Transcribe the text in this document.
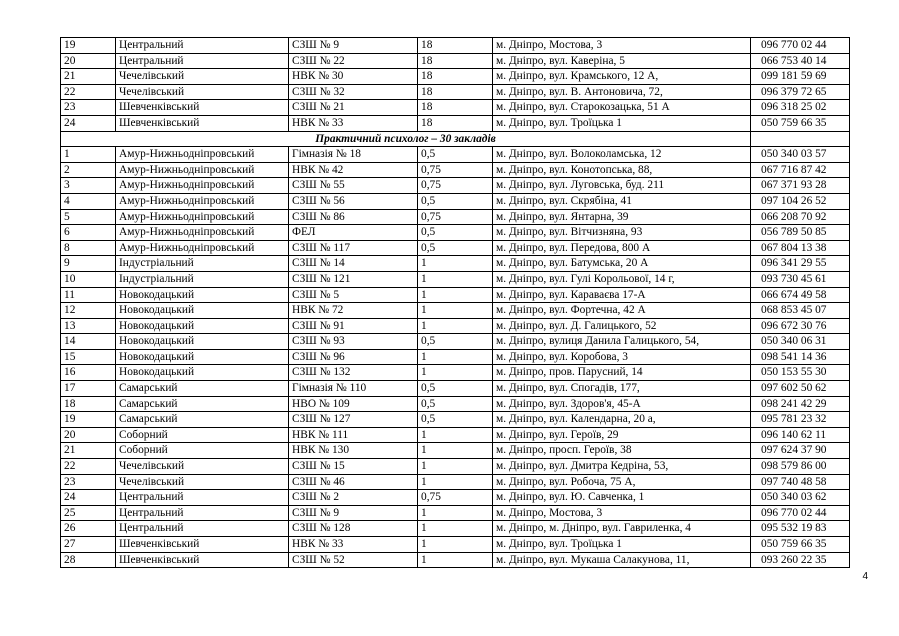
19	Центральний	СЗШ № 9	18	м. Дніпро, Мостова, 3	096 770 02 44
20	Центральний	СЗШ № 22	18	м. Дніпро, вул. Каверіна, 5	066 753 40 14
21	Чечелівський	НВК № 30	18	м. Дніпро, вул. Крамського, 12 А,	099 181 59 69
22	Чечелівський	СЗШ № 32	18	м. Дніпро, вул. В. Антоновича, 72,	096 379 72 65
23	Шевченківський	СЗШ № 21	18	м. Дніпро, вул. Старокозацька, 51 А	096 318 25 02
24	Шевченківський	НВК № 33	18	м. Дніпро, вул. Троїцька 1	050 759 66 35
Практичний психолог – 30 закладів					
1	Амур-Нижньодніпровський	Гімназія № 18	0,5	м. Дніпро, вул. Волоколамська, 12	050 340 03 57
2	Амур-Нижньодніпровський	НВК № 42	0,75	м. Дніпро, вул. Конотопська, 88,	067 716 87 42
3	Амур-Нижньодніпровський	СЗШ № 55	0,75	м. Дніпро, вул. Луговська, буд. 211	067 371 93 28
4	Амур-Нижньодніпровський	СЗШ № 56	0,5	м. Дніпро, вул. Скрябіна, 41	097 104 26 52
5	Амур-Нижньодніпровський	СЗШ № 86	0,75	м. Дніпро, вул. Янтарна, 39	066 208 70 92
6	Амур-Нижньодніпровський	ФЕЛ	0,5	м. Дніпро, вул. Вітчизняна, 93	056 789 50 85
8	Амур-Нижньодніпровський	СЗШ № 117	0,5	м. Дніпро, вул. Передова, 800 А	067 804 13 38
9	Індустріальний	СЗШ № 14	1	м. Дніпро, вул. Батумська, 20 А	096 341 29 55
10	Індустріальний	СЗШ № 121	1	м. Дніпро, вул. Гулі Корольової, 14 г,	093 730 45 61
11	Новокодацький	СЗШ № 5	1	м. Дніпро, вул. Караваєва 17-А	066 674 49 58
12	Новокодацький	НВК № 72	1	м. Дніпро, вул. Фортечна, 42 А	068 853 45 07
13	Новокодацький	СЗШ № 91	1	м. Дніпро, вул. Д. Галицького, 52	096 672 30 76
14	Новокодацький	СЗШ № 93	0,5	м. Дніпро, вулиця Данила Галицького, 54,	050 340 06 31
15	Новокодацький	СЗШ № 96	1	м. Дніпро, вул. Коробова, 3	098 541 14 36
16	Новокодацький	СЗШ № 132	1	м. Дніпро, пров. Парусний, 14	050 153 55 30
17	Самарський	Гімназія № 110	0,5	м. Дніпро, вул. Спогадів, 177,	097 602 50 62
18	Самарський	НВО № 109	0,5	м. Дніпро, вул. Здоров'я, 45-А	098 241 42 29
19	Самарський	СЗШ № 127	0,5	м. Дніпро, вул. Календарна, 20 а,	095 781 23 32
20	Соборний	НВК № 111	1	м. Дніпро, вул. Героїв, 29	096 140 62 11
21	Соборний	НВК № 130	1	м. Дніпро, просп. Героїв, 38	097 624 37 90
22	Чечелівський	СЗШ № 15	1	м. Дніпро, вул. Дмитра Кедріна, 53,	098 579 86 00
23	Чечелівський	СЗШ № 46	1	м. Дніпро, вул. Робоча, 75 А,	097 740 48 58
24	Центральний	СЗШ № 2	0,75	м. Дніпро, вул. Ю. Савченка, 1	050 340 03 62
25	Центральний	СЗШ № 9	1	м. Дніпро, Мостова, 3	096 770 02 44
26	Центральний	СЗШ № 128	1	м. Дніпро, м. Дніпро, вул. Гавриленка, 4	095 532 19 83
27	Шевченківський	НВК № 33	1	м. Дніпро, вул. Троїцька 1	050 759 66 35
28	Шевченківський	СЗШ № 52	1	м. Дніпро, вул. Мукаша Салакунова, 11,	093 260 22 35
4
